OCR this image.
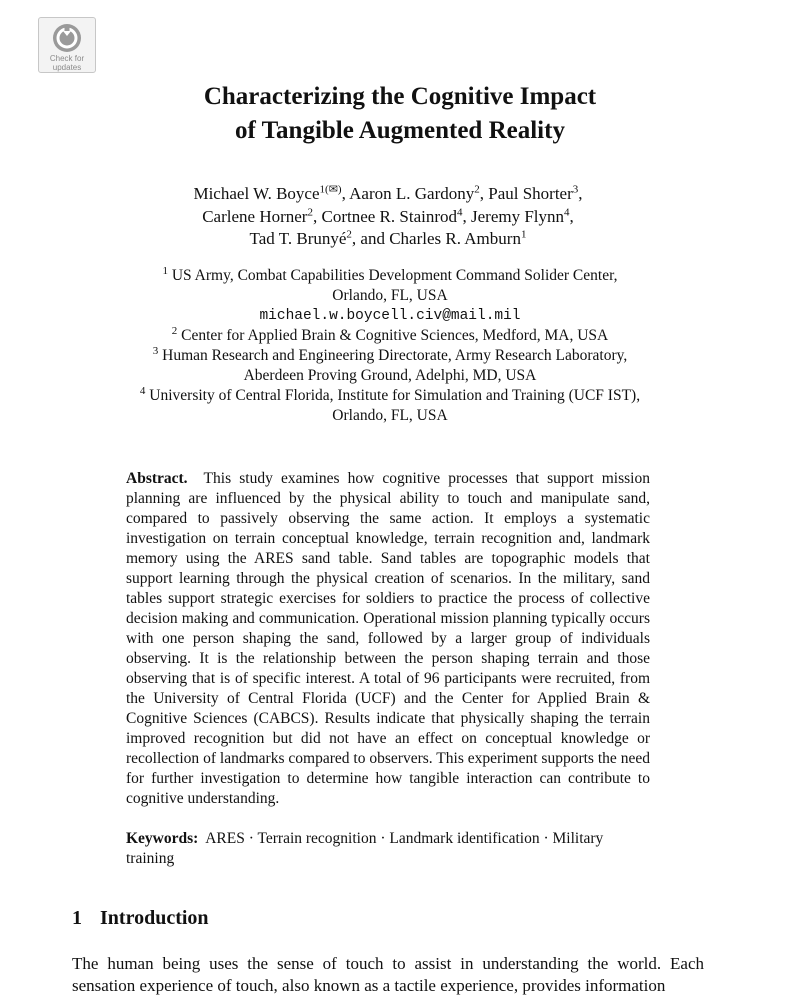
Check for
updates
Characterizing the Cognitive Impact
of Tangible Augmented Reality
Michael W. Boyce$^{1(✉)}$, Aaron L. Gardony$^2$, Paul Shorter$^3$,
Carlene Horner$^2$, Cortnee R. Stainrod$^4$, Jeremy Flynn$^4$,
Tad T. Brunyé$^2$, and Charles R. Amburn$^1$
$^1$ US Army, Combat Capabilities Development Command Solider Center,
Orlando, FL, USA
michael.w.boycell.civ@mail.mil
$^2$ Center for Applied Brain & Cognitive Sciences, Medford, MA, USA
$^3$ Human Research and Engineering Directorate, Army Research Laboratory,
Aberdeen Proving Ground, Adelphi, MD, USA
$^4$ University of Central Florida, Institute for Simulation and Training (UCF IST),
Orlando, FL, USA
Abstract. This study examines how cognitive processes that support mission planning are influenced by the physical ability to touch and manipulate sand, compared to passively observing the same action. It employs a systematic investigation on terrain conceptual knowledge, terrain recognition and, landmark memory using the ARES sand table. Sand tables are topographic models that support learning through the physical creation of scenarios. In the military, sand tables support strategic exercises for soldiers to practice the process of collective decision making and communication. Operational mission planning typically occurs with one person shaping the sand, followed by a larger group of individuals observing. It is the relationship between the person shaping terrain and those observing that is of specific interest. A total of 96 participants were recruited, from the University of Central Florida (UCF) and the Center for Applied Brain & Cognitive Sciences (CABCS). Results indicate that physically shaping the terrain improved recognition but did not have an effect on conceptual knowledge or recollection of landmarks compared to observers. This experiment supports the need for further investigation to determine how tangible interaction can contribute to cognitive understanding.
Keywords: ARES · Terrain recognition · Landmark identification · Military training
1 Introduction
The human being uses the sense of touch to assist in understanding the world. Each sensation experience of touch, also known as a tactile experience, provides information
